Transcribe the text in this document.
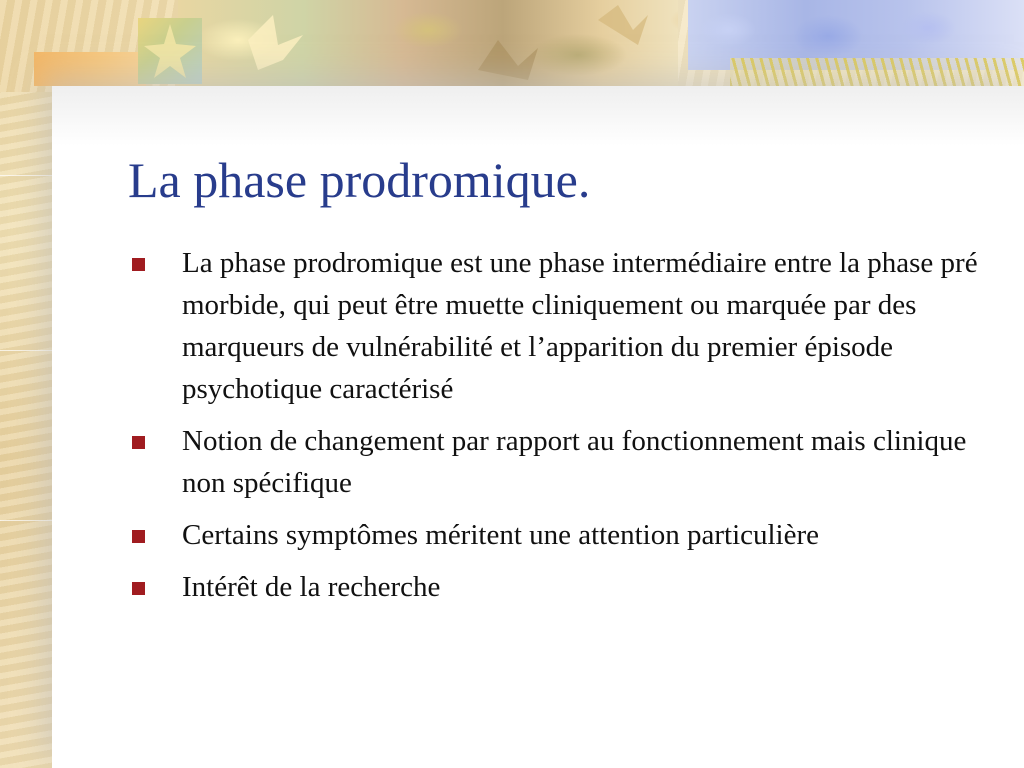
La phase prodromique.
La phase prodromique est une phase intermédiaire entre la phase pré morbide, qui peut être muette cliniquement ou marquée par des marqueurs de vulnérabilité et l’apparition du premier épisode psychotique caractérisé
Notion de changement par rapport au fonctionnement mais clinique non spécifique
Certains symptômes méritent une attention particulière
Intérêt de la recherche
